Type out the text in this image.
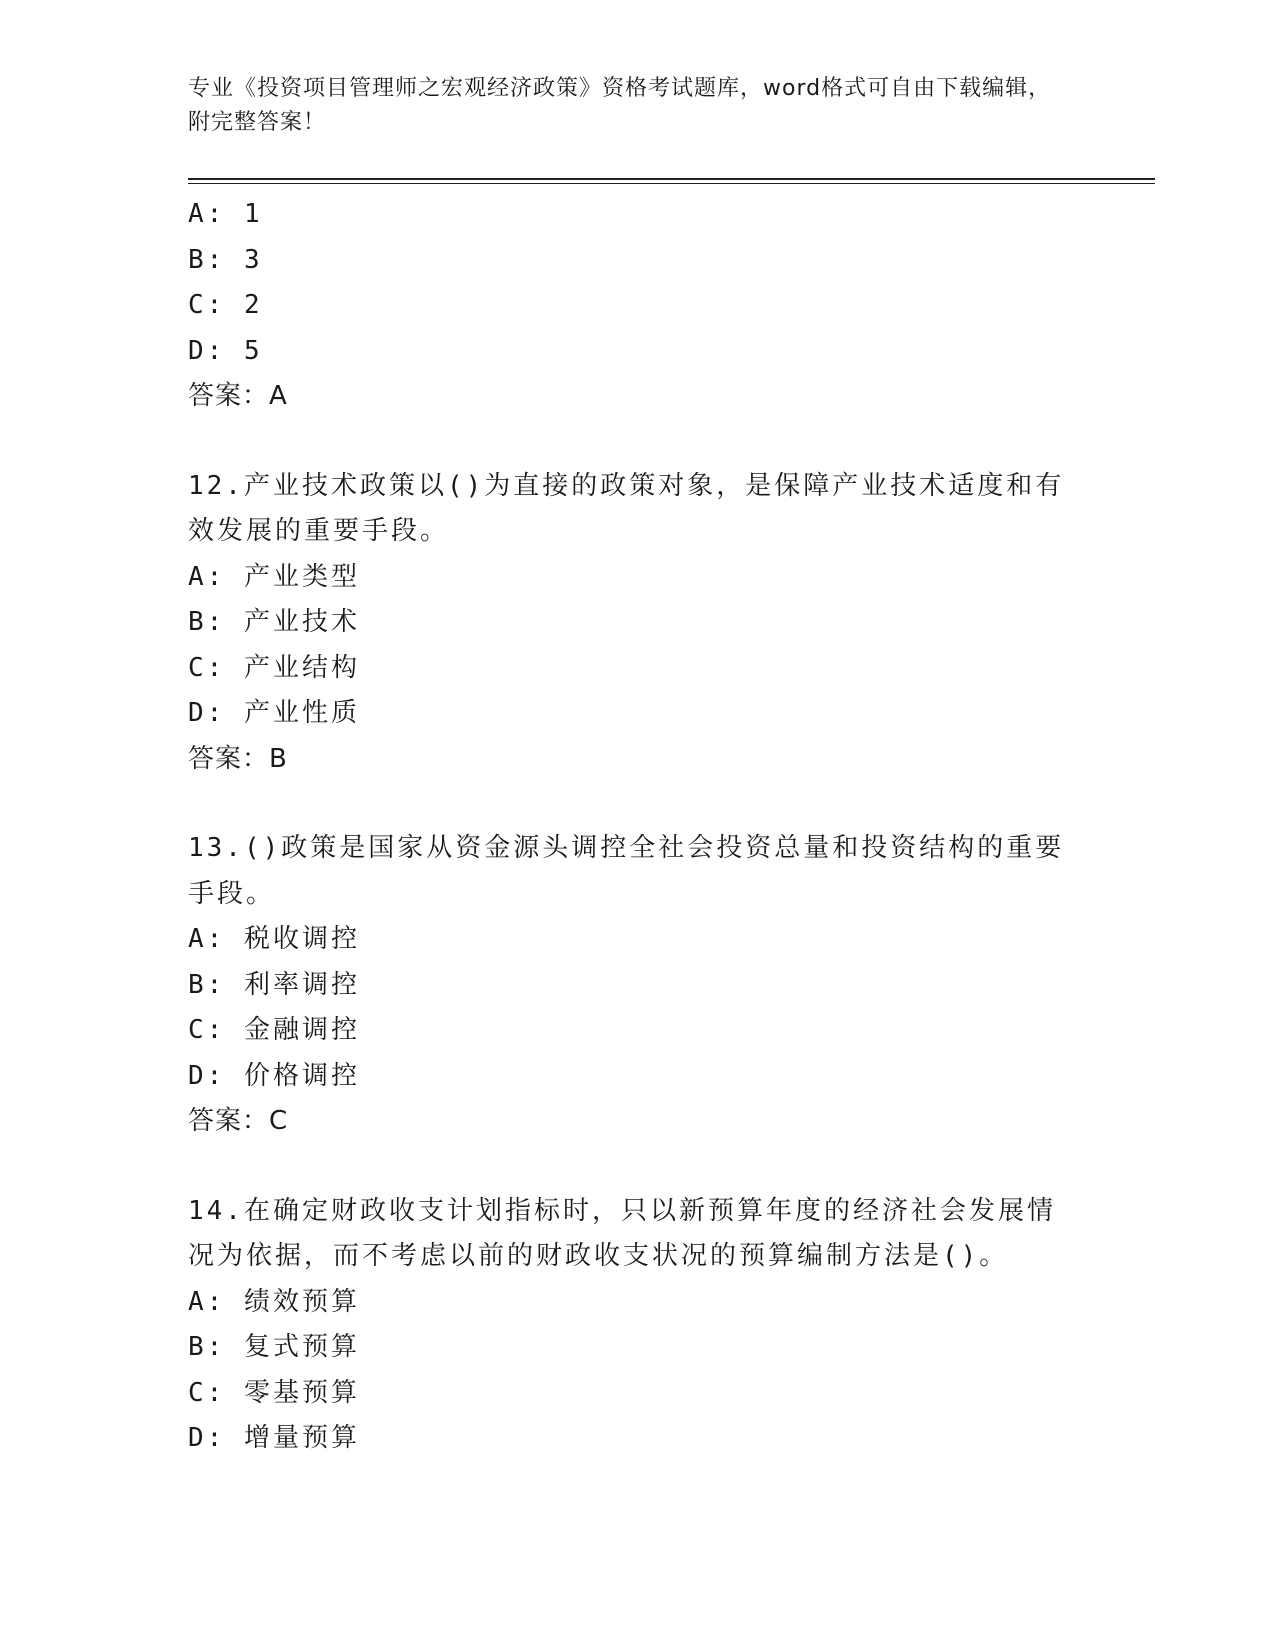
专业《投资项目管理师之宏观经济政策》资格考试题库，word格式可自由下载编辑，附完整答案！
A: 1
B: 3
C: 2
D: 5
答案：A
12.产业技术政策以()为直接的政策对象，是保障产业技术适度和有效发展的重要手段。
A: 产业类型
B: 产业技术
C: 产业结构
D: 产业性质
答案：B
13.()政策是国家从资金源头调控全社会投资总量和投资结构的重要手段。
A: 税收调控
B: 利率调控
C: 金融调控
D: 价格调控
答案：C
14.在确定财政收支计划指标时，只以新预算年度的经济社会发展情况为依据，而不考虑以前的财政收支状况的预算编制方法是()。
A: 绩效预算
B: 复式预算
C: 零基预算
D: 增量预算
